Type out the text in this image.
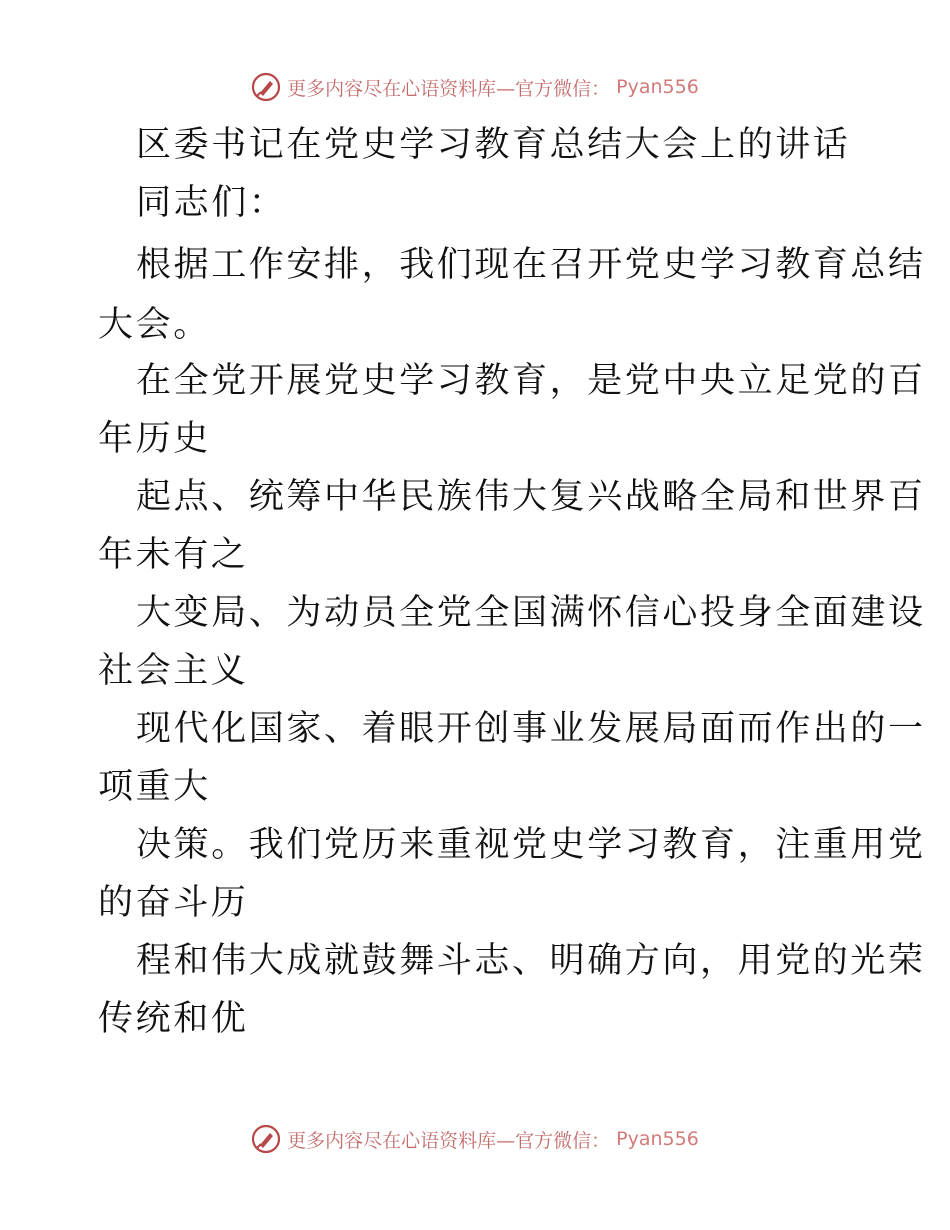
更多内容尽在心语资料库—官方微信： Pyan556
区委书记在党史学习教育总结大会上的讲话
同志们：
根据工作安排，我们现在召开党史学习教育总结
大会。
在全党开展党史学习教育，是党中央立足党的百
年历史
起点、统筹中华民族伟大复兴战略全局和世界百
年未有之
大变局、为动员全党全国满怀信心投身全面建设
社会主义
现代化国家、着眼开创事业发展局面而作出的一
项重大
决策。我们党历来重视党史学习教育，注重用党
的奋斗历
程和伟大成就鼓舞斗志、明确方向，用党的光荣
传统和优
更多内容尽在心语资料库—官方微信： Pyan556
